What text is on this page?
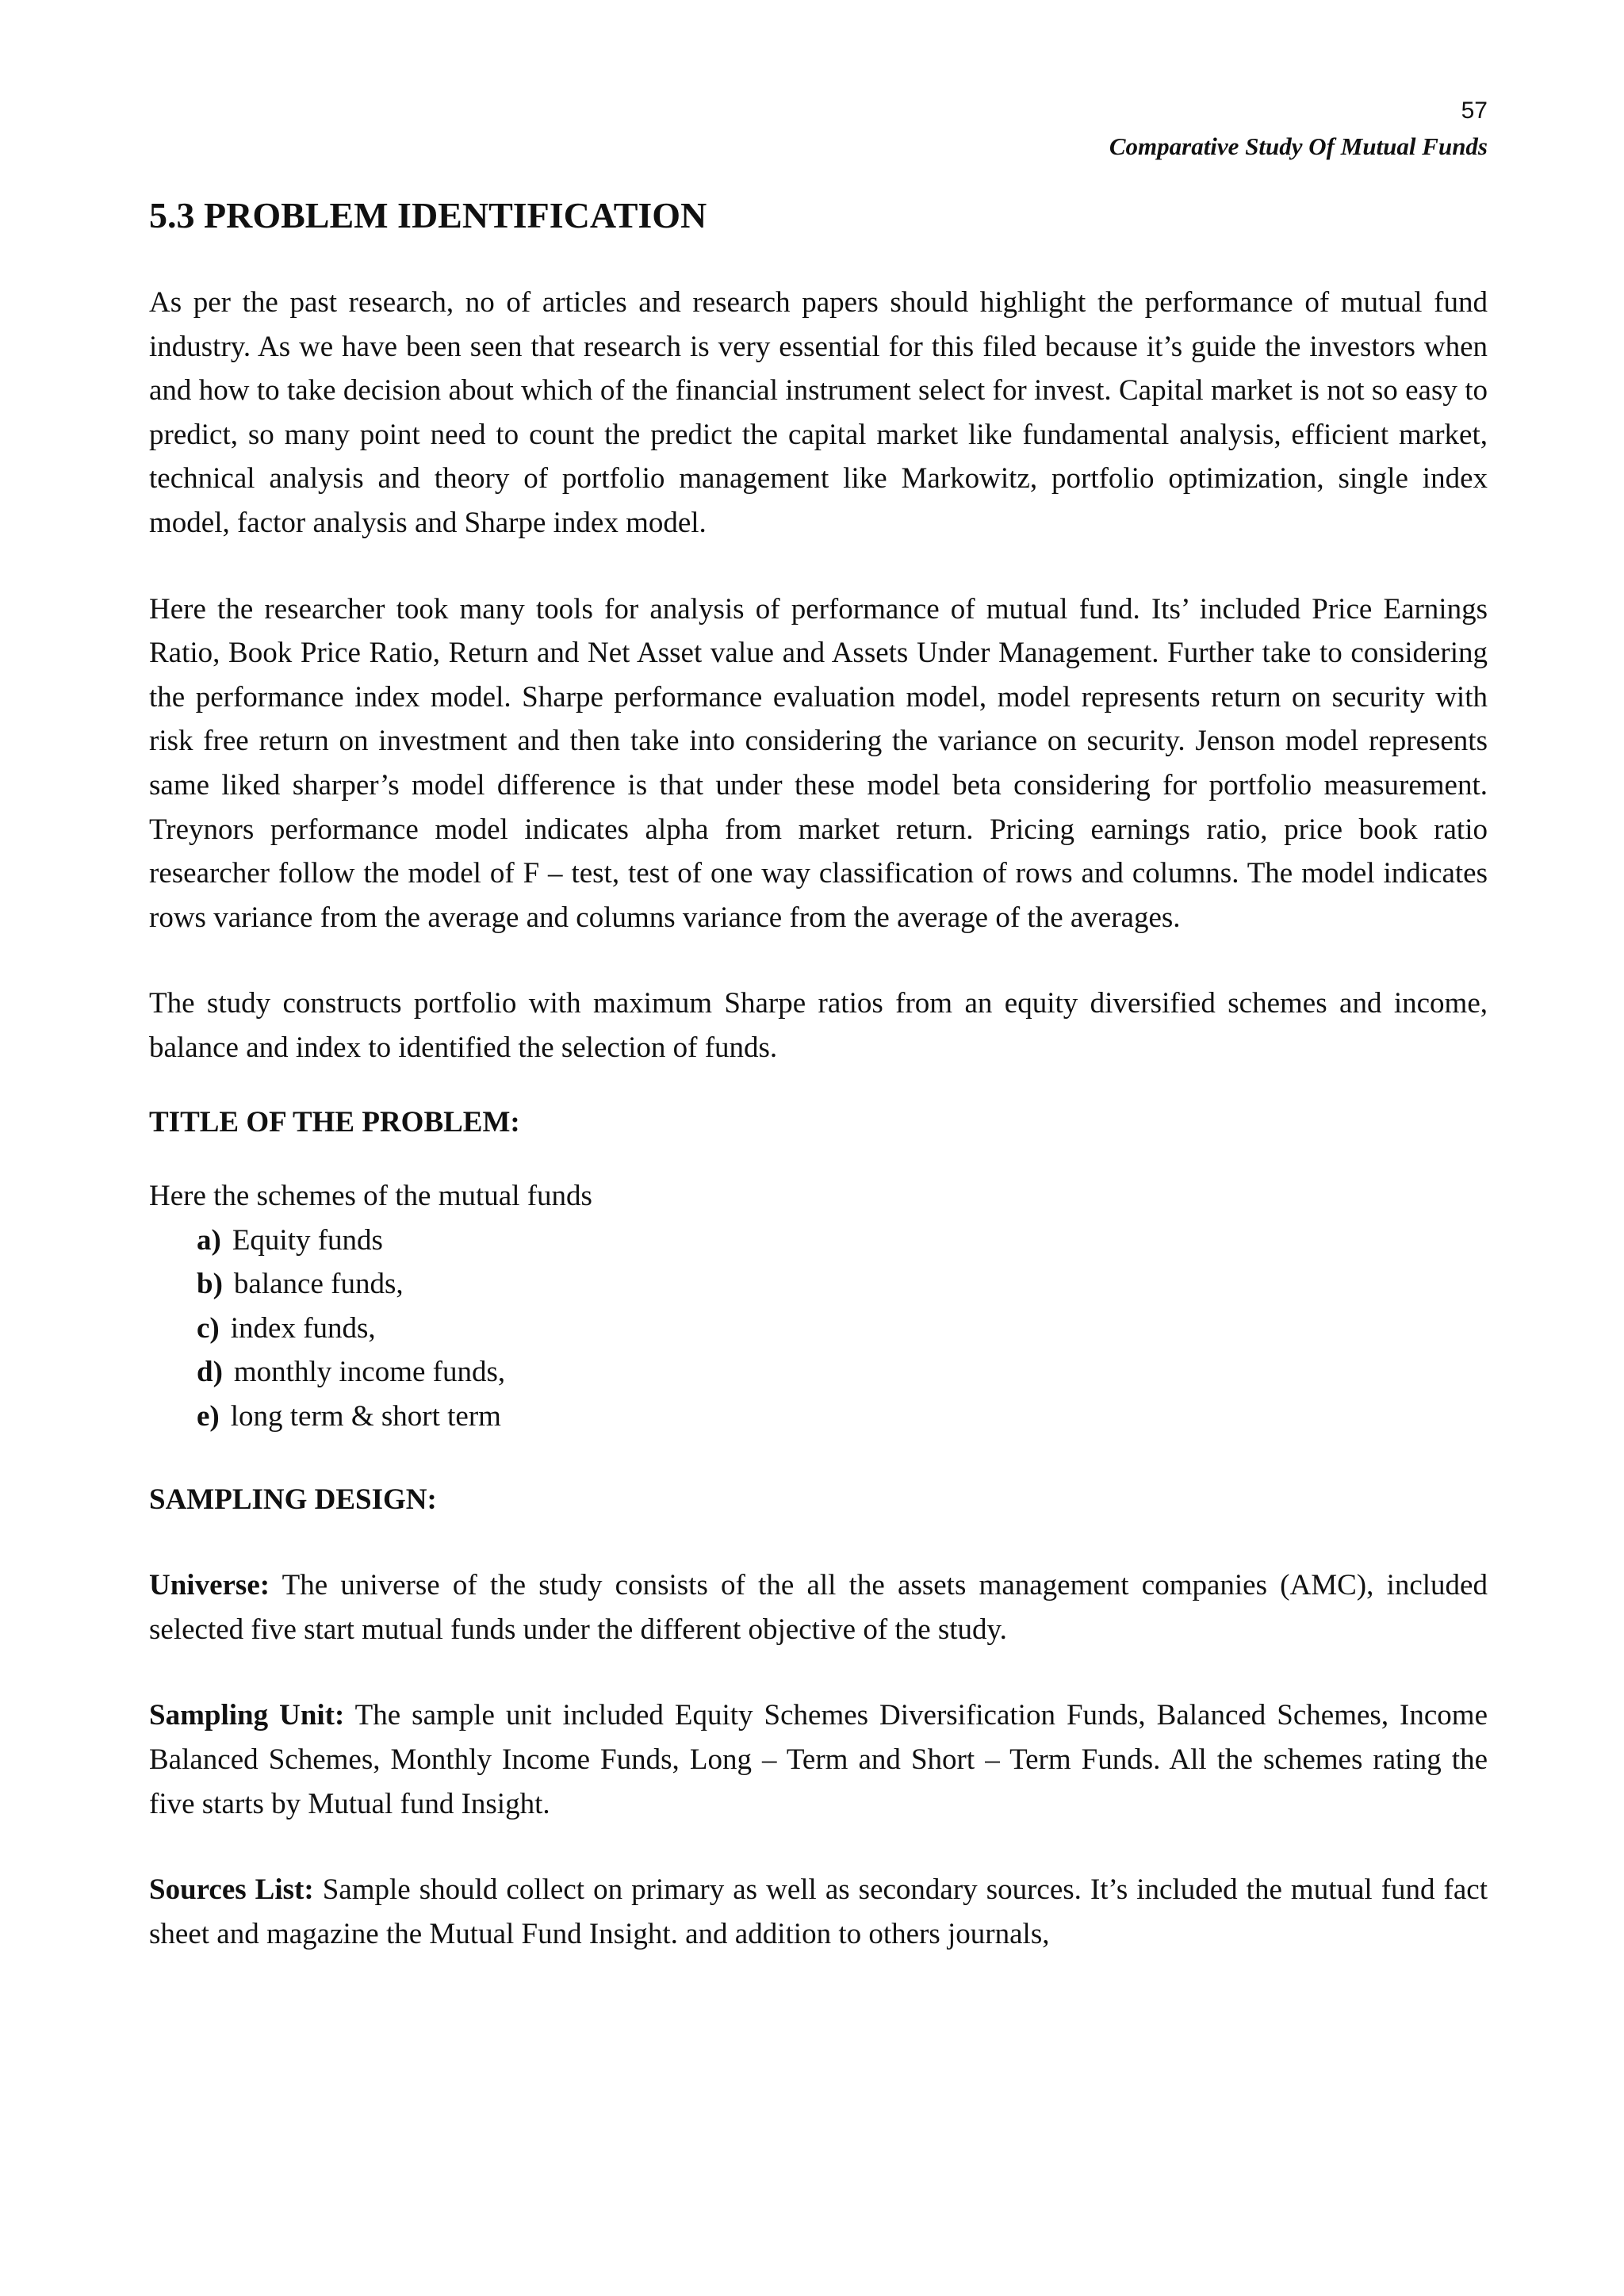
57
Comparative Study Of Mutual Funds
5.3 PROBLEM IDENTIFICATION

As per the past research, no of articles and research papers should highlight the performance of mutual fund industry. As we have been seen that research is very essential for this filed because it’s guide the investors when and how to take decision about which of the financial instrument select for invest. Capital market is not so easy to predict, so many point need to count the predict the capital market like fundamental analysis, efficient market, technical analysis and theory of portfolio management like Markowitz, portfolio optimization, single index model, factor analysis and Sharpe index model.

Here the researcher took many tools for analysis of performance of mutual fund. Its’ included Price Earnings Ratio, Book Price Ratio, Return and Net Asset value and Assets Under Management. Further take to considering the performance index model. Sharpe performance evaluation model, model represents return on security with risk free return on investment and then take into considering the variance on security. Jenson model represents same liked sharper’s model difference is that under these model beta considering for portfolio measurement. Treynors performance model indicates alpha from market return. Pricing earnings ratio, price book ratio researcher follow the model of F – test, test of one way classification of rows and columns. The model indicates rows variance from the average and columns variance from the average of the averages.

The study constructs portfolio with maximum Sharpe ratios from an equity diversified schemes and income, balance and index to identified the selection of funds.

TITLE OF THE PROBLEM:
Here the schemes of the mutual funds
a) Equity funds
b) balance funds,
c) index funds,
d) monthly income funds,
e) long term & short term
SAMPLING DESIGN:

Universe: The universe of the study consists of the all the assets management companies (AMC), included selected five start mutual funds under the different objective of the study.

Sampling Unit: The sample unit included Equity Schemes Diversification Funds, Balanced Schemes, Income Balanced Schemes, Monthly Income Funds, Long – Term and Short – Term Funds. All the schemes rating the five starts by Mutual fund Insight.

Sources List: Sample should collect on primary as well as secondary sources. It’s included the mutual fund fact sheet and magazine the Mutual Fund Insight. and addition to others journals,
